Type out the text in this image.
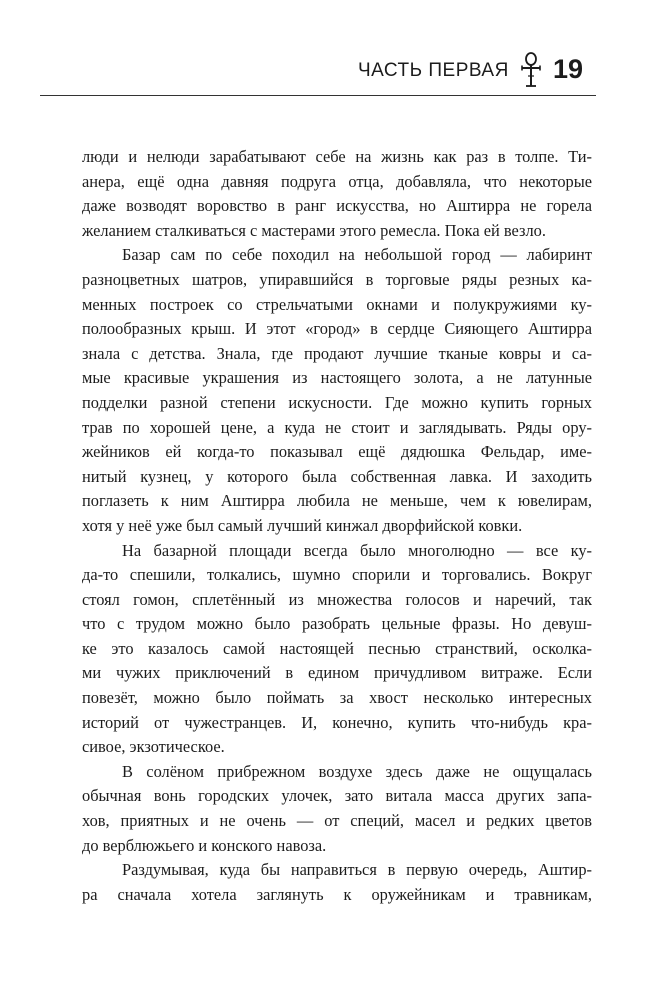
ЧАСТЬ ПЕРВАЯ 19
люди и нелюди зарабатывают себе на жизнь как раз в толпе. Ти-
анера, ещё одна давняя подруга отца, добавляла, что некоторые
даже возводят воровство в ранг искусства, но Аштирра не горела
желанием сталкиваться с мастерами этого ремесла. Пока ей везло.
Базар сам по себе походил на небольшой город — лабиринт
разноцветных шатров, упиравшийся в торговые ряды резных ка-
менных построек со стрельчатыми окнами и полукружиями ку-
полообразных крыш. И этот «город» в сердце Сияющего Аштирра
знала с детства. Знала, где продают лучшие тканые ковры и са-
мые красивые украшения из настоящего золота, а не латунные
подделки разной степени искусности. Где можно купить горных
трав по хорошей цене, а куда не стоит и заглядывать. Ряды ору-
жейников ей когда-то показывал ещё дядюшка Фельдар, име-
нитый кузнец, у которого была собственная лавка. И заходить
поглазеть к ним Аштирра любила не меньше, чем к ювелирам,
хотя у неё уже был самый лучший кинжал дворфийской ковки.
На базарной площади всегда было многолюдно — все ку-
да-то спешили, толкались, шумно спорили и торговались. Вокруг
стоял гомон, сплетённый из множества голосов и наречий, так
что с трудом можно было разобрать цельные фразы. Но девуш-
ке это казалось самой настоящей песнью странствий, осколка-
ми чужих приключений в едином причудливом витраже. Если
повезёт, можно было поймать за хвост несколько интересных
историй от чужестранцев. И, конечно, купить что-нибудь кра-
сивое, экзотическое.
В солёном прибрежном воздухе здесь даже не ощущалась
обычная вонь городских улочек, зато витала масса других запа-
хов, приятных и не очень — от специй, масел и редких цветов
до верблюжьего и конского навоза.
Раздумывая, куда бы направиться в первую очередь, Аштир-
ра сначала хотела заглянуть к оружейникам и травникам,
